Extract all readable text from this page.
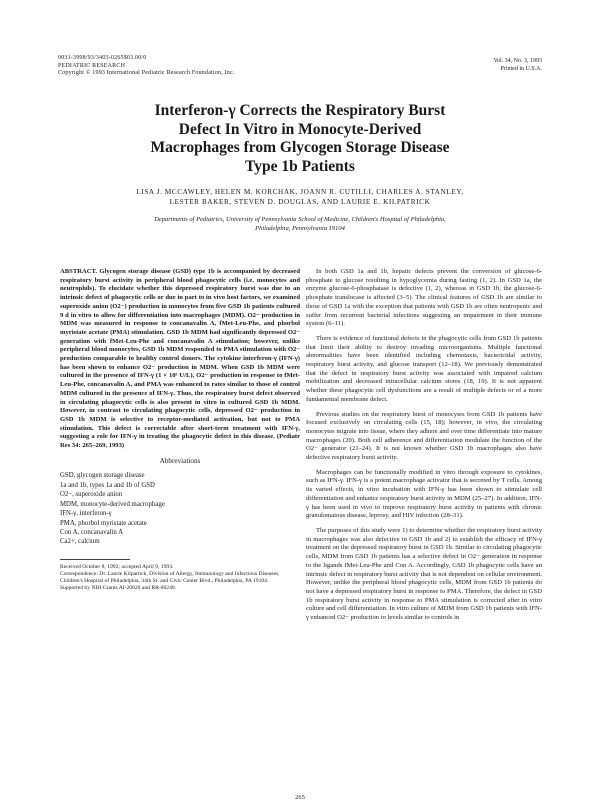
0031-3998/93/3403-0265$03.00/0
PEDIATRIC RESEARCH
Copyright © 1993 International Pediatric Research Foundation, Inc.
Vol. 34, No. 3, 1993
Printed in U.S.A.
Interferon-γ Corrects the Respiratory Burst
Defect In Vitro in Monocyte-Derived
Macrophages from Glycogen Storage Disease
Type 1b Patients
LISA J. MCCAWLEY, HELEN M. KORCHAK, JOANN R. CUTILLI, CHARLES A. STANLEY,
LESTER BAKER, STEVEN D. DOUGLAS, AND LAURIE E. KILPATRICK
Departments of Pediatrics, University of Pennsylvania School of Medicine, Children's Hospital of Philadelphia,
Philadelphia, Pennsylvania 19104

ABSTRACT. Glycogen storage disease (GSD) type 1b is accompanied by decreased respiratory burst activity in peripheral blood phagocytic cells (i.e. monocytes and neutrophils). To elucidate whether this depressed respiratory burst was due to an intrinsic defect of phagocytic cells or due in part to in vivo host factors, we examined superoxide anion (O2−) production in monocytes from five GSD 1b patients cultured 9 d in vitro to allow for differentiation into macrophages (MDM). O2− production in MDM was measured in response to concanavalin A, fMet-Leu-Phe, and phorbol myristate acetate (PMA) stimulation. GSD 1b MDM had significantly depressed O2− generation with fMet-Leu-Phe and concanavalin A stimulation; however, unlike peripheral blood monocytes, GSD 1b MDM responded to PMA stimulation with O2− production comparable to healthy control donors. The cytokine interferon-γ (IFN-γ) has been shown to enhance O2− production in MDM. When GSD 1b MDM were cultured in the presence of IFN-γ (1 × 10⁵ U/L), O2− production in response to fMet-Leu-Phe, concanavalin A, and PMA was enhanced to rates similar to those of control MDM cultured in the presence of IFN-γ. Thus, the respiratory burst defect observed in circulating phagocytic cells is also present in vitro in cultured GSD 1b MDM. However, in contrast to circulating phagocytic cells, depressed O2− production in GSD 1b MDM is selective to receptor-mediated activation, but not to PMA stimulation. This defect is correctable after short-term treatment with IFN-γ, suggesting a role for IFN-γ in treating the phagocytic defect in this disease. (Pediatr Res 34: 265–269, 1993)

Abbreviations

GSD, glycogen storage disease
1a and 1b, types 1a and 1b of GSD
O2−, superoxide anion
MDM, monocyte-derived macrophage
IFN-γ, interferon-γ
PMA, phorbol myristate acetate
Con A, concanavalin A
Ca2+, calcium
Received October 8, 1992; accepted April 9, 1993.
Correspondence: Dr. Laurie Kilpatrick, Division of Allergy, Immunology and Infectious Diseases, Children's Hospital of Philadelphia, 34th St. and Civic Center Blvd., Philadelphia, PA 19104.
Supported by NIH Grants AI-20820 and RR-00240.

In both GSD 1a and 1b, hepatic defects prevent the conversion of glucose-6-phosphate to glucose resulting in hypoglycemia during fasting (1, 2). In GSD 1a, the enzyme glucose-6-phosphatase is defective (1, 2), whereas in GSD 1b, the glucose-6-phosphate translocase is affected (3–5). The clinical features of GSD 1b are similar to those of GSD 1a with the exception that patients with GSD 1b are often neutropenic and suffer from recurrent bacterial infections suggesting an impairment in their immune system (6–11).

There is evidence of functional defects in the phagocytic cells from GSD 1b patients that limit their ability to destroy invading microorganisms. Multiple functional abnormalities have been identified including chemotaxis, bactericidal activity, respiratory burst activity, and glucose transport (12–18). We previously demonstrated that the defect in respiratory burst activity was associated with impaired calcium mobilization and decreased intracellular calcium stores (18, 19). It is not apparent whether these phagocytic cell dysfunctions are a result of multiple defects or of a more fundamental membrane defect.

Previous studies on the respiratory burst of monocytes from GSD 1b patients have focused exclusively on circulating cells (15, 18); however, in vivo, the circulating monocytes migrate into tissue, where they adhere and over time differentiate into mature macrophages (20). Both cell adherence and differentiation modulate the function of the O2− generator (21–24). It is not known whether GSD 1b macrophages also have defective respiratory burst activity.

Macrophages can be functionally modified in vitro through exposure to cytokines, such as IFN-γ. IFN-γ is a potent macrophage activator that is secreted by T cells. Among its varied effects, in vitro incubation with IFN-γ has been shown to stimulate cell differentiation and enhance respiratory burst activity in MDM (25–27). In addition, IFN-γ has been used in vivo to improve respiratory burst activity in patients with chronic granulomatous disease, leprosy, and HIV infection (28–31).

The purposes of this study were 1) to determine whether the respiratory burst activity in macrophages was also defective in GSD 1b and 2) to establish the efficacy of IFN-γ treatment on the depressed respiratory burst in GSD 1b. Similar to circulating phagocytic cells, MDM from GSD 1b patients has a selective defect in O2− generation in response to the ligands fMet-Leu-Phe and Con A. Accordingly, GSD 1b phagocytic cells have an intrinsic defect in respiratory burst activity that is not dependent on cellular environment. However, unlike the peripheral blood phagocytic cells, MDM from GSD 1b patients do not have a depressed respiratory burst in response to PMA. Therefore, the defect in GSD 1b respiratory burst activity in response to PMA stimulation is corrected after in vitro culture and cell differentiation. In vitro culture of MDM from GSD 1b patients with IFN-γ enhanced O2− production to levels similar to controls in

265
